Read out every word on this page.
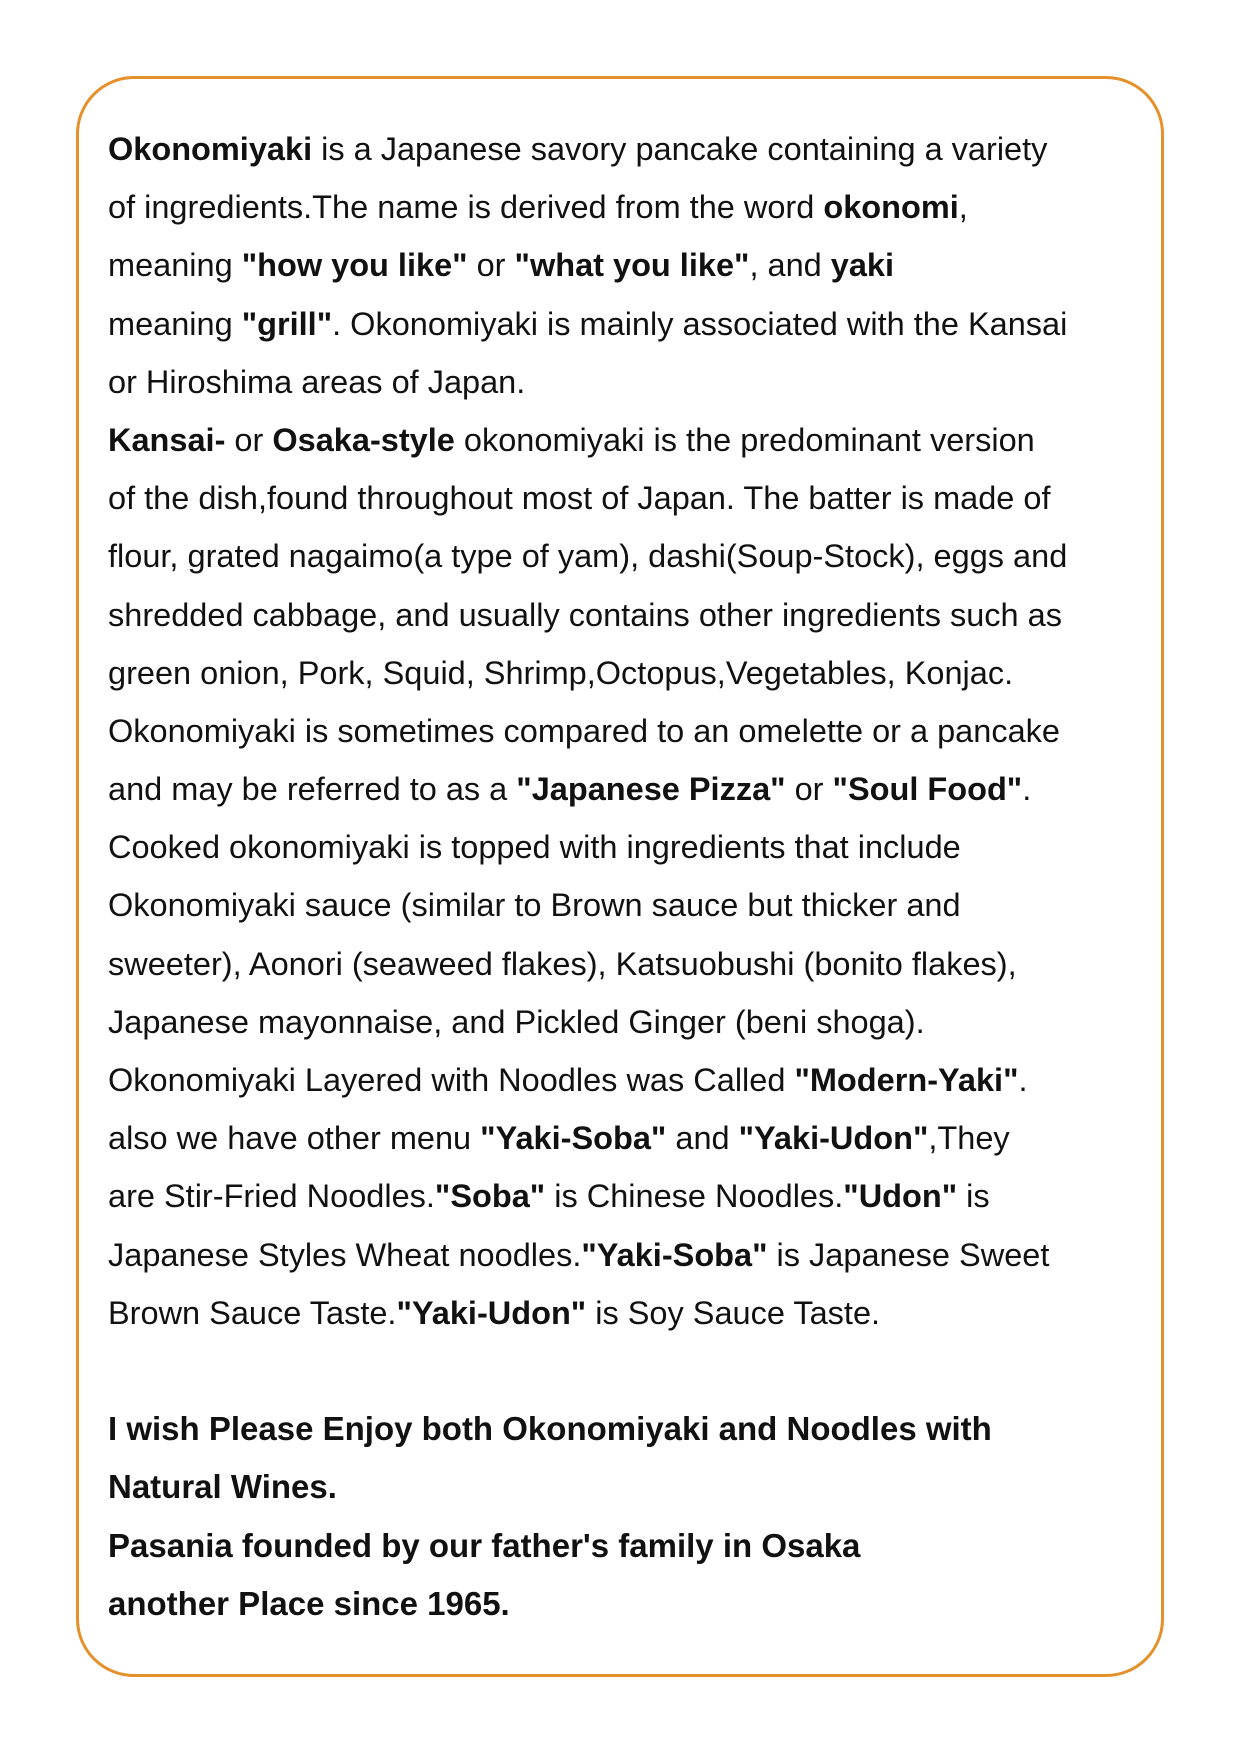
Okonomiyaki is a Japanese savory pancake containing a variety
of ingredients.The name is derived from the word okonomi,
meaning "how you like" or "what you like", and yaki
meaning "grill". Okonomiyaki is mainly associated with the Kansai
or Hiroshima areas of Japan.
Kansai- or Osaka-style okonomiyaki is the predominant version
of the dish,found throughout most of Japan. The batter is made of
flour, grated nagaimo(a type of yam), dashi(Soup-Stock), eggs and
shredded cabbage, and usually contains other ingredients such as
green onion, Pork, Squid, Shrimp,Octopus,Vegetables, Konjac.
Okonomiyaki is sometimes compared to an omelette or a pancake
and may be referred to as a "Japanese Pizza" or "Soul Food".
Cooked okonomiyaki is topped with ingredients that include
Okonomiyaki sauce (similar to Brown sauce but thicker and
sweeter), Aonori (seaweed flakes), Katsuobushi (bonito flakes),
Japanese mayonnaise, and Pickled Ginger (beni shoga).
Okonomiyaki Layered with Noodles was Called "Modern-Yaki".
also we have other menu "Yaki-Soba" and "Yaki-Udon",They
are Stir-Fried Noodles."Soba" is Chinese Noodles."Udon" is
Japanese Styles Wheat noodles."Yaki-Soba" is Japanese Sweet
Brown Sauce Taste."Yaki-Udon" is Soy Sauce Taste.
I wish Please Enjoy both Okonomiyaki and Noodles with
Natural Wines.
Pasania founded by our father's family in Osaka
another Place since 1965.
